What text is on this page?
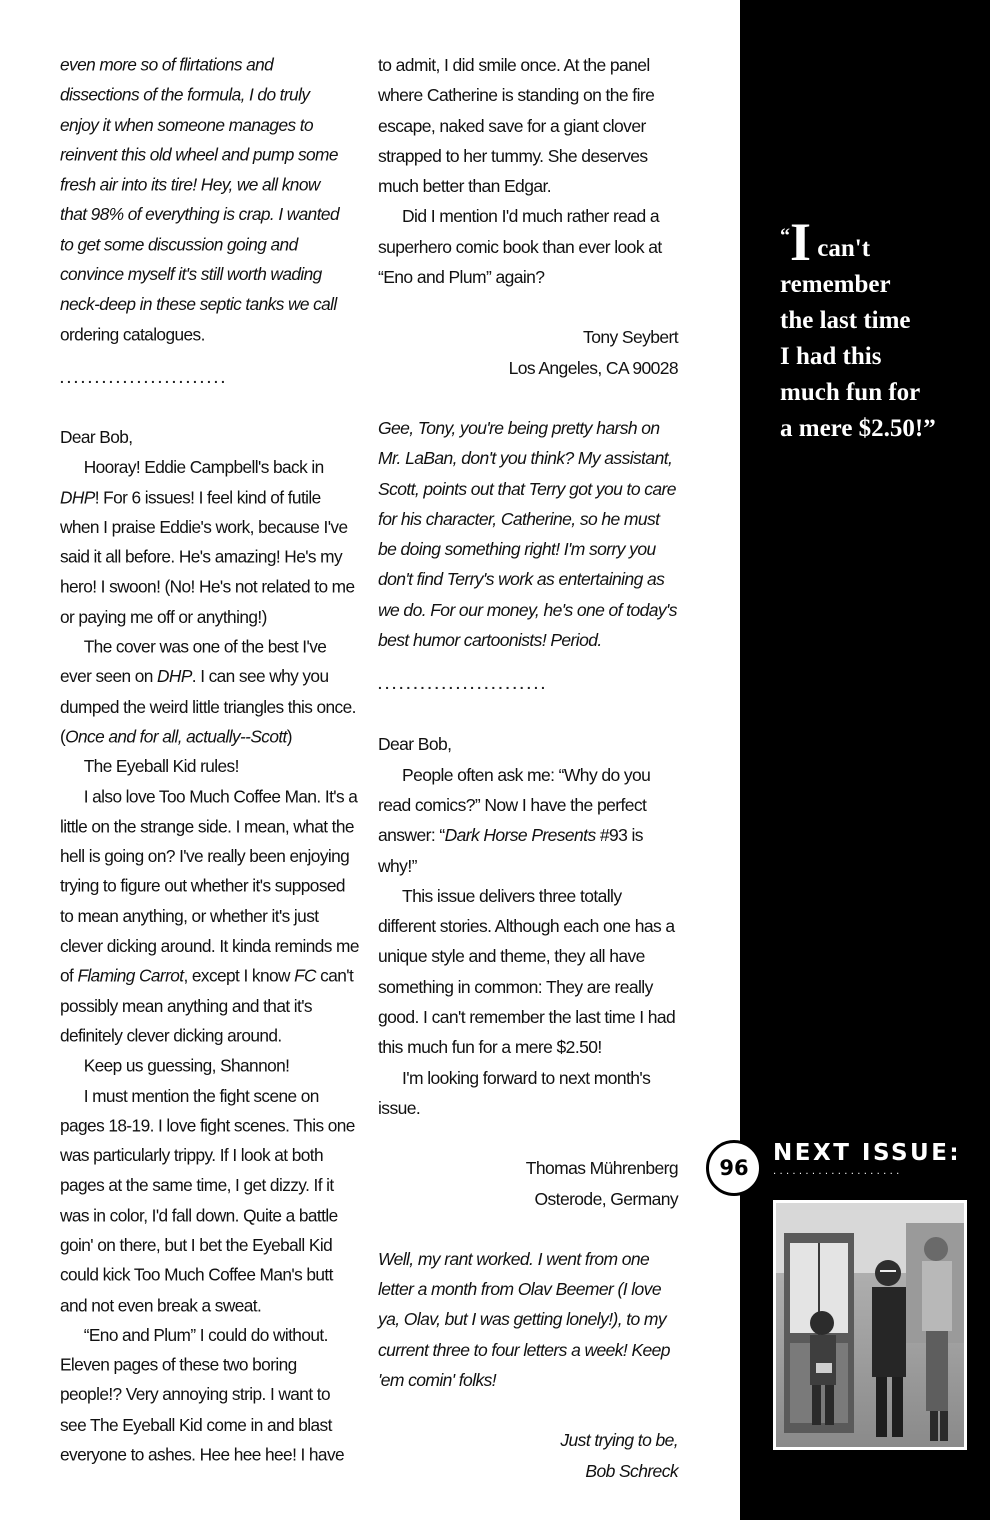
even more so of flirtations and
dissections of the formula, I do truly
enjoy it when someone manages to
reinvent this old wheel and pump some
fresh air into its tire! Hey, we all know
that 98% of everything is crap. I wanted
to get some discussion going and
convince myself it's still worth wading
neck-deep in these septic tanks we call
ordering catalogues.
........................

Dear Bob,

Hooray! Eddie Campbell's back in DHP! For 6 issues! I feel kind of futile when I praise Eddie's work, because I've said it all before. He's amazing! He's my hero! I swoon! (No! He's not related to me or paying me off or anything!)

The cover was one of the best I've ever seen on DHP. I can see why you dumped the weird little triangles this once. (Once and for all, actually--Scott)

The Eyeball Kid rules!

I also love Too Much Coffee Man. It's a little on the strange side. I mean, what the hell is going on? I've really been enjoying trying to figure out whether it's supposed to mean anything, or whether it's just clever dicking around. It kinda reminds me of Flaming Carrot, except I know FC can't possibly mean anything and that it's definitely clever dicking around.

Keep us guessing, Shannon!

I must mention the fight scene on pages 18-19. I love fight scenes. This one was particularly trippy. If I look at both pages at the same time, I get dizzy. If it was in color, I'd fall down. Quite a battle goin' on there, but I bet the Eyeball Kid could kick Too Much Coffee Man's butt and not even break a sweat.

“Eno and Plum” I could do without. Eleven pages of these two boring people!? Very annoying strip. I want to see The Eyeball Kid come in and blast everyone to ashes. Hee hee hee! I have

to admit, I did smile once. At the panel where Catherine is standing on the fire escape, naked save for a giant clover strapped to her tummy. She deserves much better than Edgar.

Did I mention I'd much rather read a superhero comic book than ever look at “Eno and Plum” again?

Tony Seybert
Los Angeles, CA 90028

Gee, Tony, you're being pretty harsh on Mr. LaBan, don't you think? My assistant, Scott, points out that Terry got you to care for his character, Catherine, so he must be doing something right! I'm sorry you don't find Terry's work as entertaining as we do. For our money, he's one of today's best humor cartoonists! Period.

........................

Dear Bob,

People often ask me: “Why do you read comics?” Now I have the perfect answer: “Dark Horse Presents #93 is why!”

This issue delivers three totally different stories. Although each one has a unique style and theme, they all have something in common: They are really good. I can't remember the last time I had this much fun for a mere $2.50!

I'm looking forward to next month's issue.

Thomas Mührenberg
Osterode, Germany

Well, my rant worked. I went from one letter a month from Olav Beemer (I love ya, Olav, but I was getting lonely!), to my current three to four letters a week! Keep 'em comin' folks!

Just trying to be,
Bob Schreck
“I can't
remember
the last time
I had this
much fun for
a mere $2.50!”
96
NEXT ISSUE:
....................
